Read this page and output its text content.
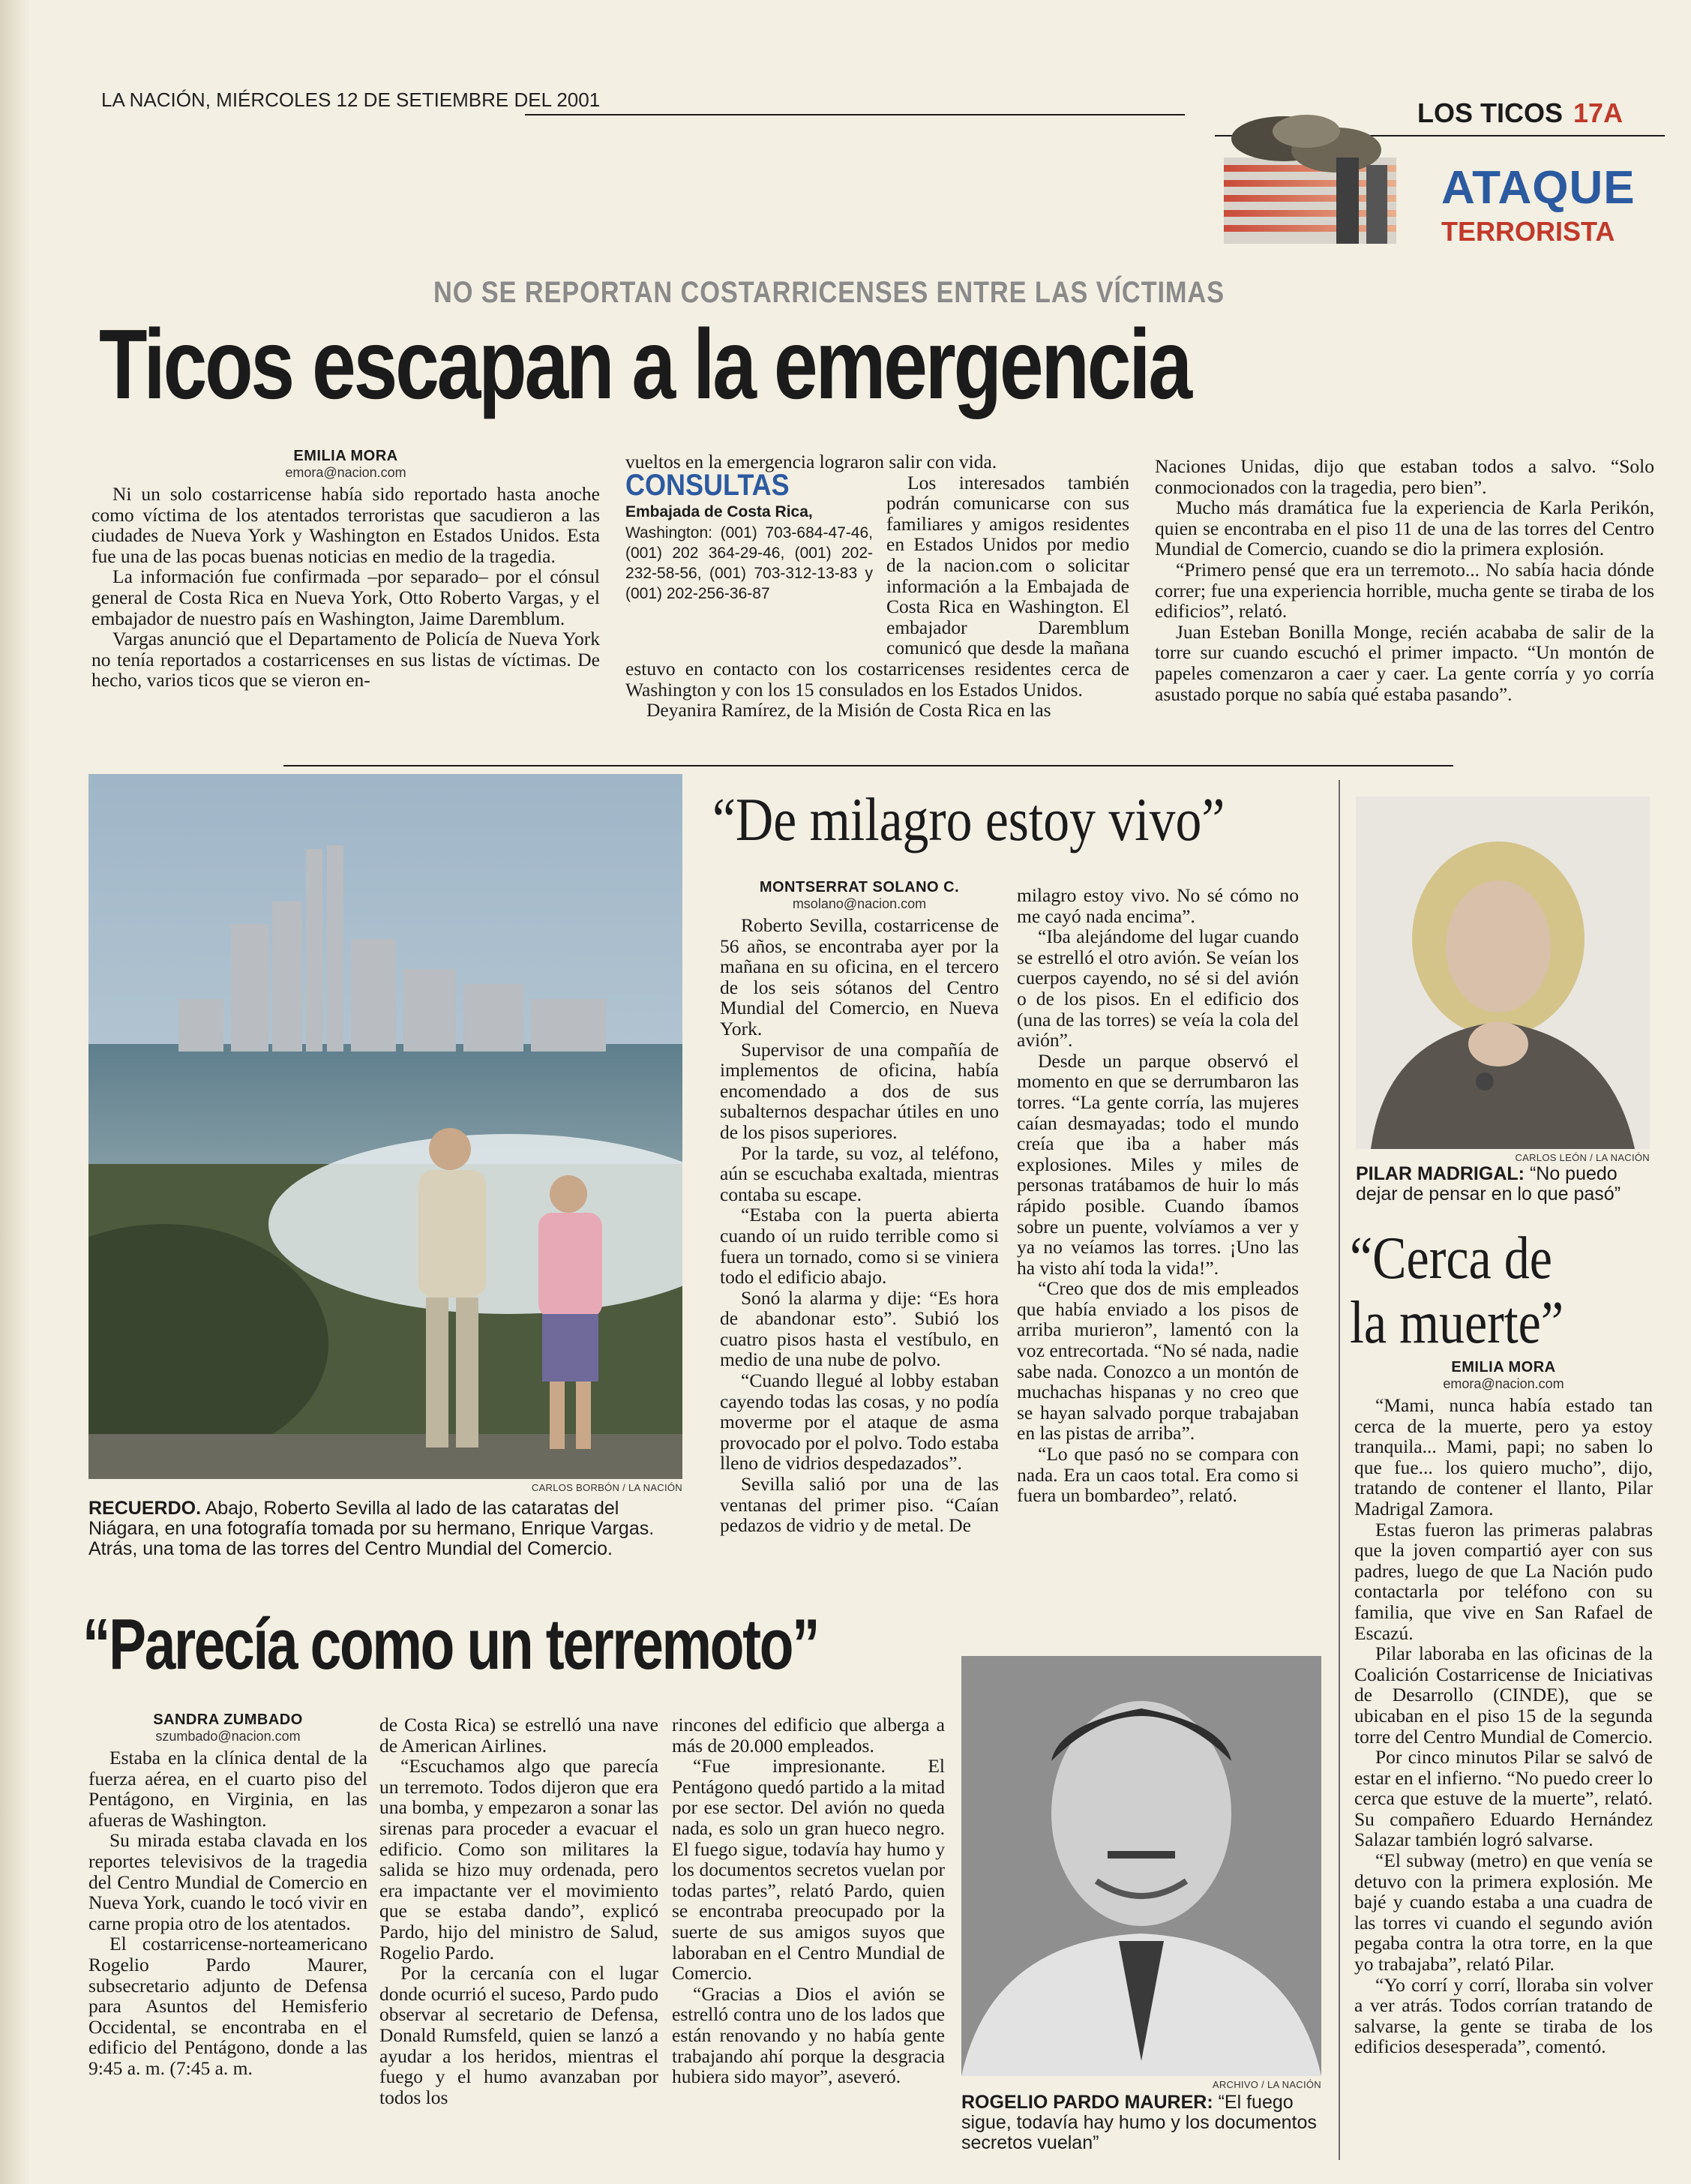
LA NACIÓN, MIÉRCOLES 12 DE SETIEMBRE DEL 2001	LOS TICOS 17A
ATAQUE
TERRORISTA
NO SE REPORTAN COSTARRICENSES ENTRE LAS VÍCTIMAS
Ticos escapan a la emergencia
EMILIA MORA
emora@nacion.com

Ni un solo costarricense había sido reportado hasta anoche como víctima de los atentados terroristas que sacudieron a las ciudades de Nueva York y Washington en Estados Unidos. Esta fue una de las pocas buenas noticias en medio de la tragedia.

La información fue confirmada –por separado– por el cónsul general de Costa Rica en Nueva York, Otto Roberto Vargas, y el embajador de nuestro país en Washington, Jaime Daremblum.

Vargas anunció que el Departamento de Policía de Nueva York no tenía reportados a costarricenses en sus listas de víctimas. De hecho, varios ticos que se vieron en-

vueltos en la emergencia lograron salir con vida.

CONSULTAS
Embajada de Costa Rica,
Washington: (001) 703-684-47-46, (001) 202 364-29-46, (001) 202-232-58-56, (001) 703-312-13-83 y (001) 202-256-36-87

Los interesados también podrán comunicarse con sus familiares y amigos residentes en Estados Unidos por medio de la nacion.com o solicitar información a la Embajada de Costa Rica en Washington. El embajador Daremblum comunicó que desde la mañana estuvo en contacto con los costarricenses residentes cerca de Washington y con los 15 consulados en los Estados Unidos.

Deyanira Ramírez, de la Misión de Costa Rica en las

Naciones Unidas, dijo que estaban todos a salvo. “Solo conmocionados con la tragedia, pero bien”.

Mucho más dramática fue la experiencia de Karla Perikón, quien se encontraba en el piso 11 de una de las torres del Centro Mundial de Comercio, cuando se dio la primera explosión.

“Primero pensé que era un terremoto... No sabía hacia dónde correr; fue una experiencia horrible, mucha gente se tiraba de los edificios”, relató.

Juan Esteban Bonilla Monge, recién acababa de salir de la torre sur cuando escuchó el primer impacto. “Un montón de papeles comenzaron a caer y caer. La gente corría y yo corría asustado porque no sabía qué estaba pasando”.

CARLOS BORBÓN / LA NACIÓN
RECUERDO. Abajo, Roberto Sevilla al lado de las cataratas del Niágara, en una fotografía tomada por su hermano, Enrique Vargas. Atrás, una toma de las torres del Centro Mundial del Comercio.
“De milagro estoy vivo”
MONTSERRAT SOLANO C.
msolano@nacion.com

Roberto Sevilla, costarricense de 56 años, se encontraba ayer por la mañana en su oficina, en el tercero de los seis sótanos del Centro Mundial del Comercio, en Nueva York.

Supervisor de una compañía de implementos de oficina, había encomendado a dos de sus subalternos despachar útiles en uno de los pisos superiores.

Por la tarde, su voz, al teléfono, aún se escuchaba exaltada, mientras contaba su escape.

“Estaba con la puerta abierta cuando oí un ruido terrible como si fuera un tornado, como si se viniera todo el edificio abajo.

Sonó la alarma y dije: “Es hora de abandonar esto”. Subió los cuatro pisos hasta el vestíbulo, en medio de una nube de polvo.

“Cuando llegué al lobby estaban cayendo todas las cosas, y no podía moverme por el ataque de asma provocado por el polvo. Todo estaba lleno de vidrios despedazados”.

Sevilla salió por una de las ventanas del primer piso. “Caían pedazos de vidrio y de metal. De

milagro estoy vivo. No sé cómo no me cayó nada encima”.

“Iba alejándome del lugar cuando se estrelló el otro avión. Se veían los cuerpos cayendo, no sé si del avión o de los pisos. En el edificio dos (una de las torres) se veía la cola del avión”.

Desde un parque observó el momento en que se derrumbaron las torres. “La gente corría, las mujeres caían desmayadas; todo el mundo creía que iba a haber más explosiones. Miles y miles de personas tratábamos de huir lo más rápido posible. Cuando íbamos sobre un puente, volvíamos a ver y ya no veíamos las torres. ¡Uno las ha visto ahí toda la vida!”.

“Creo que dos de mis empleados que había enviado a los pisos de arriba murieron”, lamentó con la voz entrecortada. “No sé nada, nadie sabe nada. Conozco a un montón de muchachas hispanas y no creo que se hayan salvado porque trabajaban en las pistas de arriba”.

“Lo que pasó no se compara con nada. Era un caos total. Era como si fuera un bombardeo”, relató.

CARLOS LEÓN / LA NACIÓN
PILAR MADRIGAL: “No puedo dejar de pensar en lo que pasó”
“Cerca de
la muerte”
EMILIA MORA
emora@nacion.com

“Mami, nunca había estado tan cerca de la muerte, pero ya estoy tranquila... Mami, papi; no saben lo que fue... los quiero mucho”, dijo, tratando de contener el llanto, Pilar Madrigal Zamora.

Estas fueron las primeras palabras que la joven compartió ayer con sus padres, luego de que La Nación pudo contactarla por teléfono con su familia, que vive en San Rafael de Escazú.

Pilar laboraba en las oficinas de la Coalición Costarricense de Iniciativas de Desarrollo (CINDE), que se ubicaban en el piso 15 de la segunda torre del Centro Mundial de Comercio.

Por cinco minutos Pilar se salvó de estar en el infierno. “No puedo creer lo cerca que estuve de la muerte”, relató. Su compañero Eduardo Hernández Salazar también logró salvarse.

“El subway (metro) en que venía se detuvo con la primera explosión. Me bajé y cuando estaba a una cuadra de las torres vi cuando el segundo avión pegaba contra la otra torre, en la que yo trabajaba”, relató Pilar.

“Yo corrí y corrí, lloraba sin volver a ver atrás. Todos corrían tratando de salvarse, la gente se tiraba de los edificios desesperada”, comentó.

“Parecía como un terremoto”
SANDRA ZUMBADO
szumbado@nacion.com

Estaba en la clínica dental de la fuerza aérea, en el cuarto piso del Pentágono, en Virginia, en las afueras de Washington.

Su mirada estaba clavada en los reportes televisivos de la tragedia del Centro Mundial de Comercio en Nueva York, cuando le tocó vivir en carne propia otro de los atentados.

El costarricense-norteamericano Rogelio Pardo Maurer, subsecretario adjunto de Defensa para Asuntos del Hemisferio Occidental, se encontraba en el edificio del Pentágono, donde a las 9:45 a. m. (7:45 a. m.

de Costa Rica) se estrelló una nave de American Airlines.

“Escuchamos algo que parecía un terremoto. Todos dijeron que era una bomba, y empezaron a sonar las sirenas para proceder a evacuar el edificio. Como son militares la salida se hizo muy ordenada, pero era impactante ver el movimiento que se estaba dando”, explicó Pardo, hijo del ministro de Salud, Rogelio Pardo.

Por la cercanía con el lugar donde ocurrió el suceso, Pardo pudo observar al secretario de Defensa, Donald Rumsfeld, quien se lanzó a ayudar a los heridos, mientras el fuego y el humo avanzaban por todos los

rincones del edificio que alberga a más de 20.000 empleados.

“Fue impresionante. El Pentágono quedó partido a la mitad por ese sector. Del avión no queda nada, es solo un gran hueco negro. El fuego sigue, todavía hay humo y los documentos secretos vuelan por todas partes”, relató Pardo, quien se encontraba preocupado por la suerte de sus amigos suyos que laboraban en el Centro Mundial de Comercio.

“Gracias a Dios el avión se estrelló contra uno de los lados que están renovando y no había gente trabajando ahí porque la desgracia hubiera sido mayor”, aseveró.	ARCHIVO / LA NACIÓN
ROGELIO PARDO MAURER: “El fuego sigue, todavía hay humo y los documentos secretos vuelan”
